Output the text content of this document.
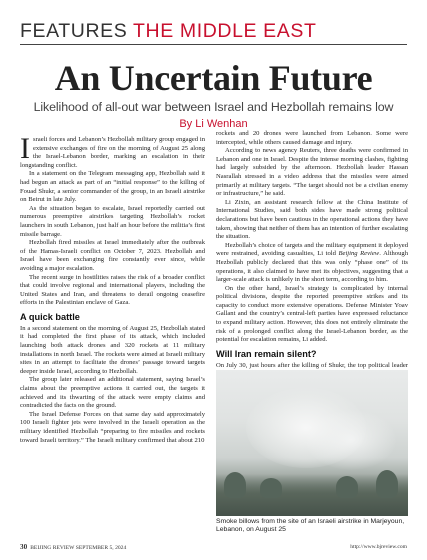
FEATURES THE MIDDLE EAST
An Uncertain Future
Likelihood of all-out war between Israel and Hezbollah remains low
By Li Wenhan

Israeli forces and Lebanon’s Hezbollah military group engaged in extensive exchanges of fire on the morning of August 25 along the Israel-Lebanon border, marking an escalation in their longstanding conflict.

In a statement on the Telegram messaging app, Hezbollah said it had begun an attack as part of an “initial response” to the killing of Fouad Shukr, a senior commander of the group, in an Israeli airstrike on Beirut in late July.

As the situation began to escalate, Israel reportedly carried out numerous preemptive airstrikes targeting Hezbollah’s rocket launchers in south Lebanon, just half an hour before the militia’s first missile barrage.

Hezbollah fired missiles at Israel immediately after the outbreak of the Hamas-Israeli conflict on October 7, 2023. Hezbollah and Israel have been exchanging fire constantly ever since, while avoiding a major escalation.

The recent surge in hostilities raises the risk of a broader conflict that could involve regional and international players, including the United States and Iran, and threatens to derail ongoing ceasefire efforts in the Palestinian enclave of Gaza.

A quick battle

In a second statement on the morning of August 25, Hezbollah stated it had completed the first phase of its attack, which included launching both attack drones and 320 rockets at 11 military installations in north Israel. The rockets were aimed at Israeli military sites in an attempt to facilitate the drones’ passage toward targets deeper inside Israel, according to Hezbollah.

The group later released an additional statement, saying Israel’s claims about the preemptive actions it carried out, the targets it achieved and its thwarting of the attack were empty claims and contradicted the facts on the ground.

The Israel Defense Forces on that same day said approximately 100 Israeli fighter jets were involved in the Israeli operation as the military identified Hezbollah “preparing to fire missiles and rockets toward Israeli territory.” The Israeli military confirmed that about 210

rockets and 20 drones were launched from Lebanon. Some were intercepted, while others caused damage and injury.

According to news agency Reuters, three deaths were confirmed in Lebanon and one in Israel. Despite the intense morning clashes, fighting had largely subsided by the afternoon. Hezbollah leader Hassan Nasrallah stressed in a video address that the missiles were aimed primarily at military targets. “The target should not be a civilian enemy or infrastructure,” he said.

Li Zixin, an assistant research fellow at the China Institute of International Studies, said both sides have made strong political declarations but have been cautious in the operational actions they have taken, showing that neither of them has an intention of further escalating the situation.

Hezbollah’s choice of targets and the military equipment it deployed were restrained, avoiding casualties, Li told Beijing Review. Although Hezbollah publicly declared that this was only “phase one” of its operations, it also claimed to have met its objectives, suggesting that a larger-scale attack is unlikely in the short term, according to him.

On the other hand, Israel’s strategy is complicated by internal political divisions, despite the reported preemptive strikes and its capacity to conduct more extensive operations. Defense Minister Yoav Gallant and the country’s central-left parties have expressed reluctance to expand military action. However, this does not entirely eliminate the risk of a prolonged conflict along the Israel-Lebanon border, as the potential for escalation remains, Li added.

Will Iran remain silent?

On July 30, just hours after the killing of Shukr, the top political leader

Smoke billows from the site of an Israeli airstrike in Marjeyoun, Lebanon, on August 25
30 BEIJING REVIEW SEPTEMBER 5, 2024	http://www.bjreview.com
